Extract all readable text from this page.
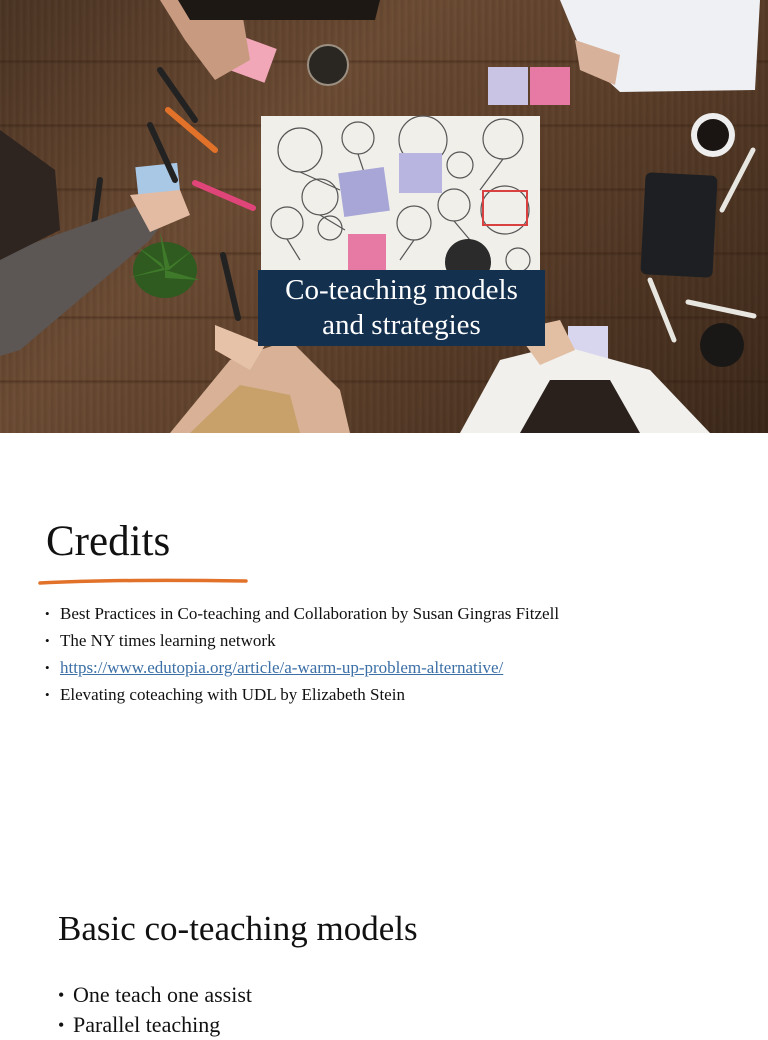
Co-teaching models
and strategies
Credits
• Best Practices in Co-teaching and Collaboration by Susan Gingras Fitzell
• The NY times learning network
• https://www.edutopia.org/article/a-warm-up-problem-alternative/
• Elevating coteaching with UDL by Elizabeth Stein
Basic co-teaching models
• One teach one assist
• Parallel teaching
